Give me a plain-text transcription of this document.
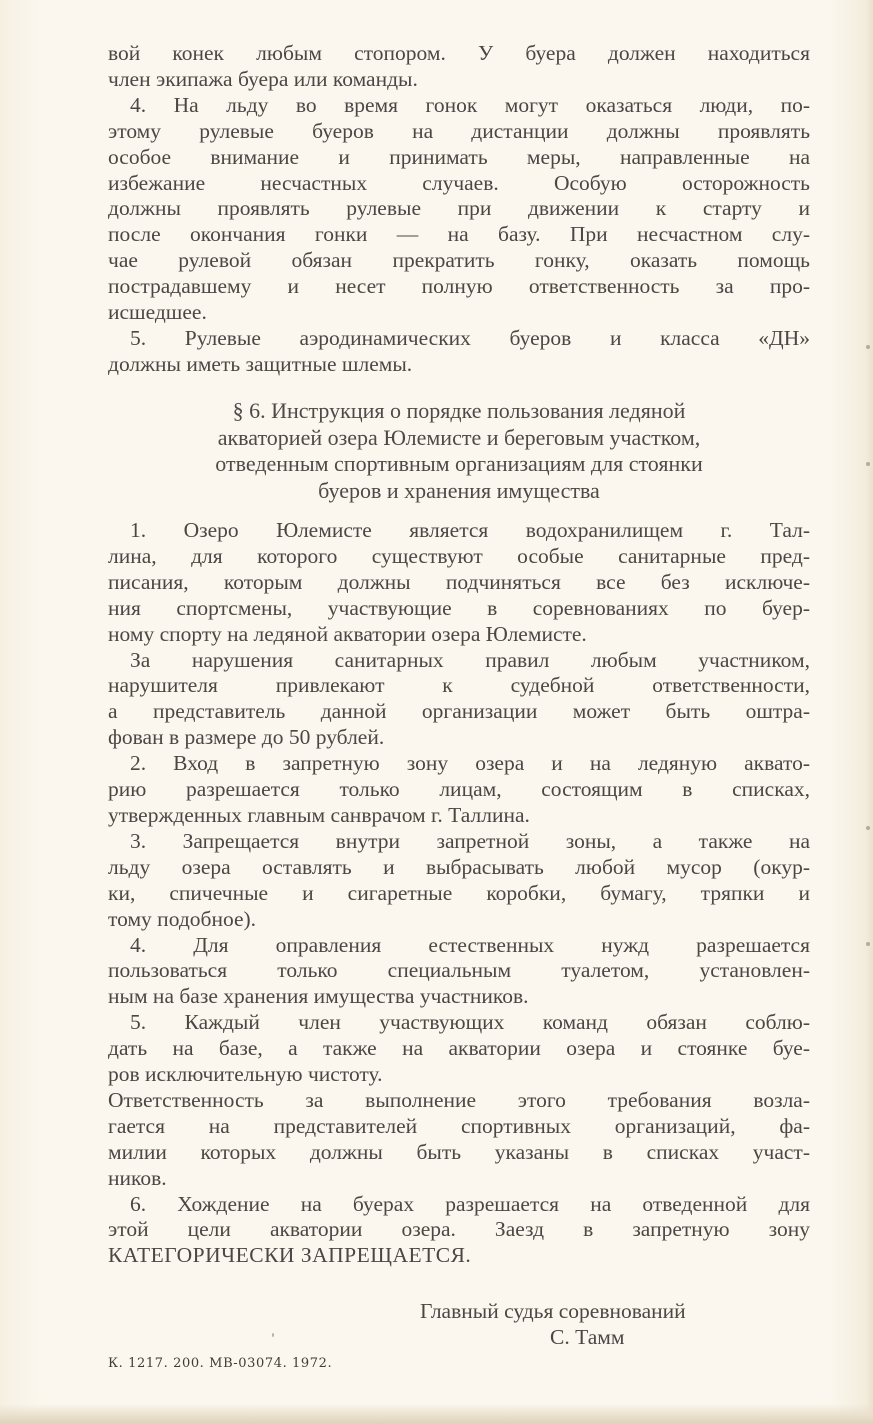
вой конек любым стопором. У буера должен находиться
член экипажа буера или команды.
4. На льду во время гонок могут оказаться люди, по-
этому рулевые буеров на дистанции должны проявлять
особое внимание и принимать меры, направленные на
избежание несчастных случаев. Особую осторожность
должны проявлять рулевые при движении к старту и
после окончания гонки — на базу. При несчастном слу-
чае рулевой обязан прекратить гонку, оказать помощь
пострадавшему и несет полную ответственность за про-
исшедшее.
5. Рулевые аэродинамических буеров и класса «ДН»
должны иметь защитные шлемы.
§ 6. Инструкция о порядке пользования ледяной
акваторией озера Юлемисте и береговым участком,
отведенным спортивным организациям для стоянки
буеров и хранения имущества
1. Озеро Юлемисте является водохранилищем г. Тал-
лина, для которого существуют особые санитарные пред-
писания, которым должны подчиняться все без исключе-
ния спортсмены, участвующие в соревнованиях по буер-
ному спорту на ледяной акватории озера Юлемисте.
За нарушения санитарных правил любым участником,
нарушителя привлекают к судебной ответственности,
а представитель данной организации может быть оштра-
фован в размере до 50 рублей.
2. Вход в запретную зону озера и на ледяную аквато-
рию разрешается только лицам, состоящим в списках,
утвержденных главным санврачом г. Таллина.
3. Запрещается внутри запретной зоны, а также на
льду озера оставлять и выбрасывать любой мусор (окур-
ки, спичечные и сигаретные коробки, бумагу, тряпки и
тому подобное).
4. Для оправления естественных нужд разрешается
пользоваться только специальным туалетом, установлен-
ным на базе хранения имущества участников.
5. Каждый член участвующих команд обязан соблю-
дать на базе, а также на акватории озера и стоянке буе-
ров исключительную чистоту.
Ответственность за выполнение этого требования возла-
гается на представителей спортивных организаций, фа-
милии которых должны быть указаны в списках участ-
ников.
6. Хождение на буерах разрешается на отведенной для
этой цели акватории озера. Заезд в запретную зону
КАТЕГОРИЧЕСКИ ЗАПРЕЩАЕТСЯ.
Главный судья соревнований
С. Тамм
К. 1217. 200. МВ-03074. 1972.
